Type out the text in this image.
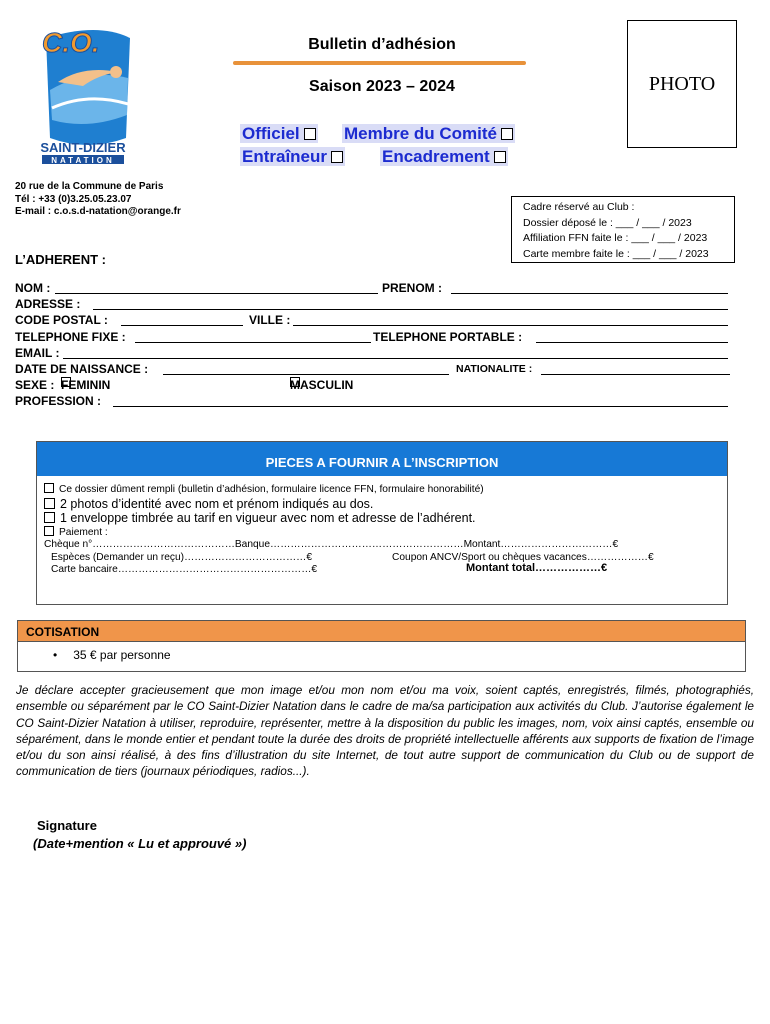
C.O.
SAINT-DIZIER
NATATION
Bulletin d’adhésion
Saison 2023 – 2024	PHOTO
Officiel	Membre du Comité
Entraîneur	Encadrement
20 rue de la Commune de Paris
Tél : +33 (0)3.25.05.23.07
E-mail : c.o.s.d-natation@orange.fr	Cadre réservé au Club :
Dossier déposé le : ___ / ___ / 2023
Affiliation FFN faite le : ___ / ___ / 2023
Carte membre faite le : ___ / ___ / 2023
L’ADHERENT :
NOM :	PRENOM :
ADRESSE :
CODE POSTAL :	VILLE :
TELEPHONE FIXE :	TELEPHONE PORTABLE :
EMAIL :
DATE DE NAISSANCE :	NATIONALITE :
SEXE : FEMININ	MASCULIN
PROFESSION :
PIECES A FOURNIR A L’INSCRIPTION
Ce dossier dûment rempli (bulletin d’adhésion, formulaire licence FFN, formulaire honorabilité)
2 photos d’identité avec nom et prénom indiqués au dos.
1 enveloppe timbrée au tarif en vigueur avec nom et adresse de l’adhérent.
Paiement :
Chèque n°……………………………………Banque…………………………………………………Montant……………………………€
Espèces (Demander un reçu)………………………………€	Coupon ANCV/Sport ou chèques vacances………………€
Carte bancaire…………………………………………………€	Montant total………………€
COTISATION
• 35 € par personne
Je déclare accepter gracieusement que mon image et/ou mon nom et/ou ma voix, soient captés, enregistrés, filmés, photographiés, ensemble ou séparément par le CO Saint-Dizier Natation dans le cadre de ma/sa participation aux activités du Club. J’autorise également le CO Saint-Dizier Natation à utiliser, reproduire, représenter, mettre à la disposition du public les images, nom, voix ainsi captés, ensemble ou séparément, dans le monde entier et pendant toute la durée des droits de propriété intellectuelle afférents aux supports de fixation de l’image et/ou du son ainsi réalisé, à des fins d’illustration du site Internet, de tout autre support de communication du Club ou de support de communication de tiers (journaux périodiques, radios...).
Signature
(Date+mention « Lu et approuvé »)
